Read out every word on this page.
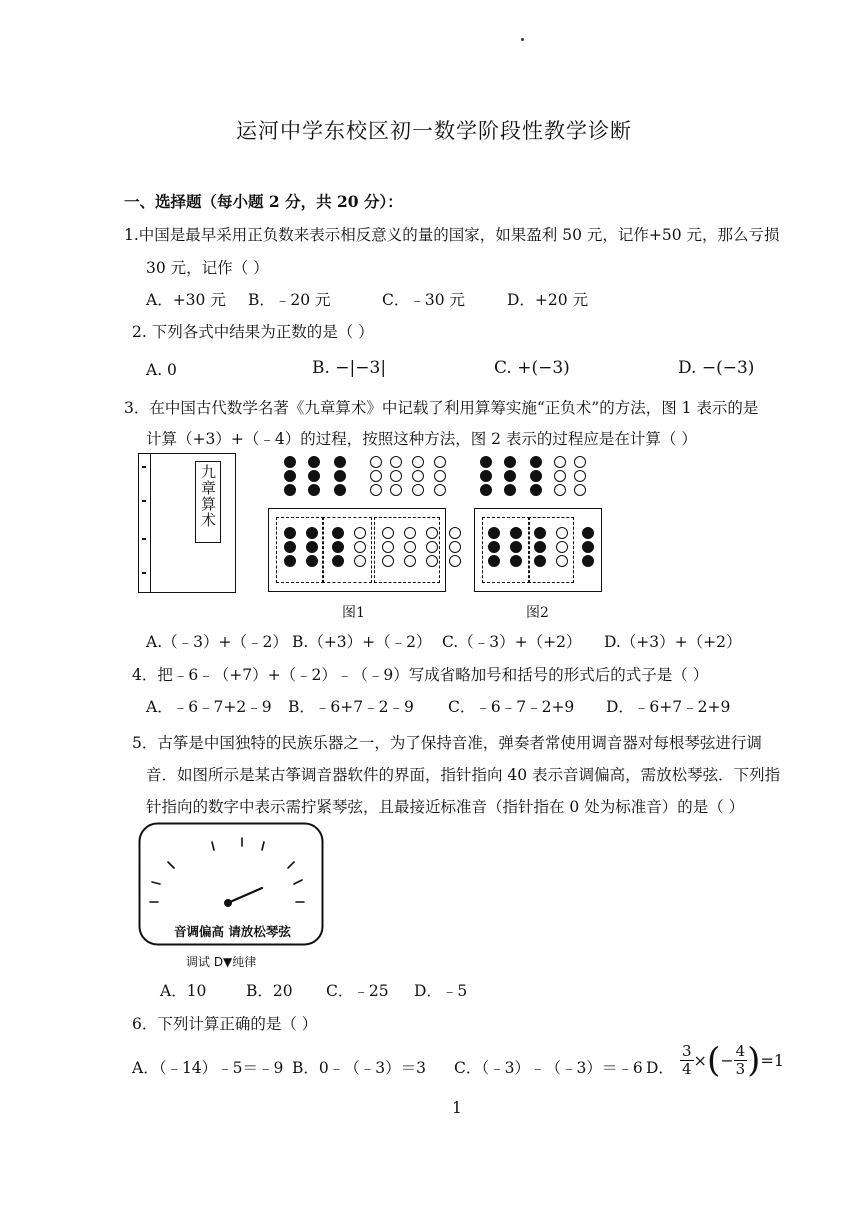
运河中学东校区初一数学阶段性教学诊断
一、选择题（每小题 2 分，共 20 分）：
1.中国是最早采用正负数来表示相反意义的量的国家，如果盈利 50 元，记作+50 元，那么亏损
30 元，记作（ ）
A．+30 元 B．﹣20 元	C．﹣30 元	D．+20 元
2. 下列各式中结果为正数的是（ ）
A. 0	B. −|−3|	C. +(−3)	D. −(−3)
3．在中国古代数学名著《九章算术》中记载了利用算筹实施“正负术”的方法，图 1 表示的是
计算（+3）+（﹣4）的过程，按照这种方法，图 2 表示的过程应是在计算（ ）
九章算术
图1	图2
A.（﹣3）+（﹣2） B.（+3）+（﹣2） C.（﹣3）+（+2） D.（+3）+（+2）
4．把﹣6﹣（+7）+（﹣2）﹣（﹣9）写成省略加号和括号的形式后的式子是（ ）
A．﹣6﹣7+2﹣9 B．﹣6+7﹣2﹣9 C．﹣6﹣7﹣2+9 D．﹣6+7﹣2+9
5．古筝是中国独特的民族乐器之一，为了保持音准，弹奏者常使用调音器对每根琴弦进行调
音．如图所示是某古筝调音器软件的界面，指针指向 40 表示音调偏高，需放松琴弦．下列指
针指向的数字中表示需拧紧琴弦，且最接近标准音（指针指在 0 处为标准音）的是（ ）
音调偏高 请放松琴弦
调试 D▼纯律
A．10	B．20 C．﹣25 D．﹣5
6．下列计算正确的是（ ）
A．（﹣14）﹣5＝﹣9 B．0﹣（﹣3）＝3 C．（﹣3）﹣（﹣3）＝﹣6 D． $\frac{3}{4}$ ×(− $\frac{4}{3} )=1$
1
